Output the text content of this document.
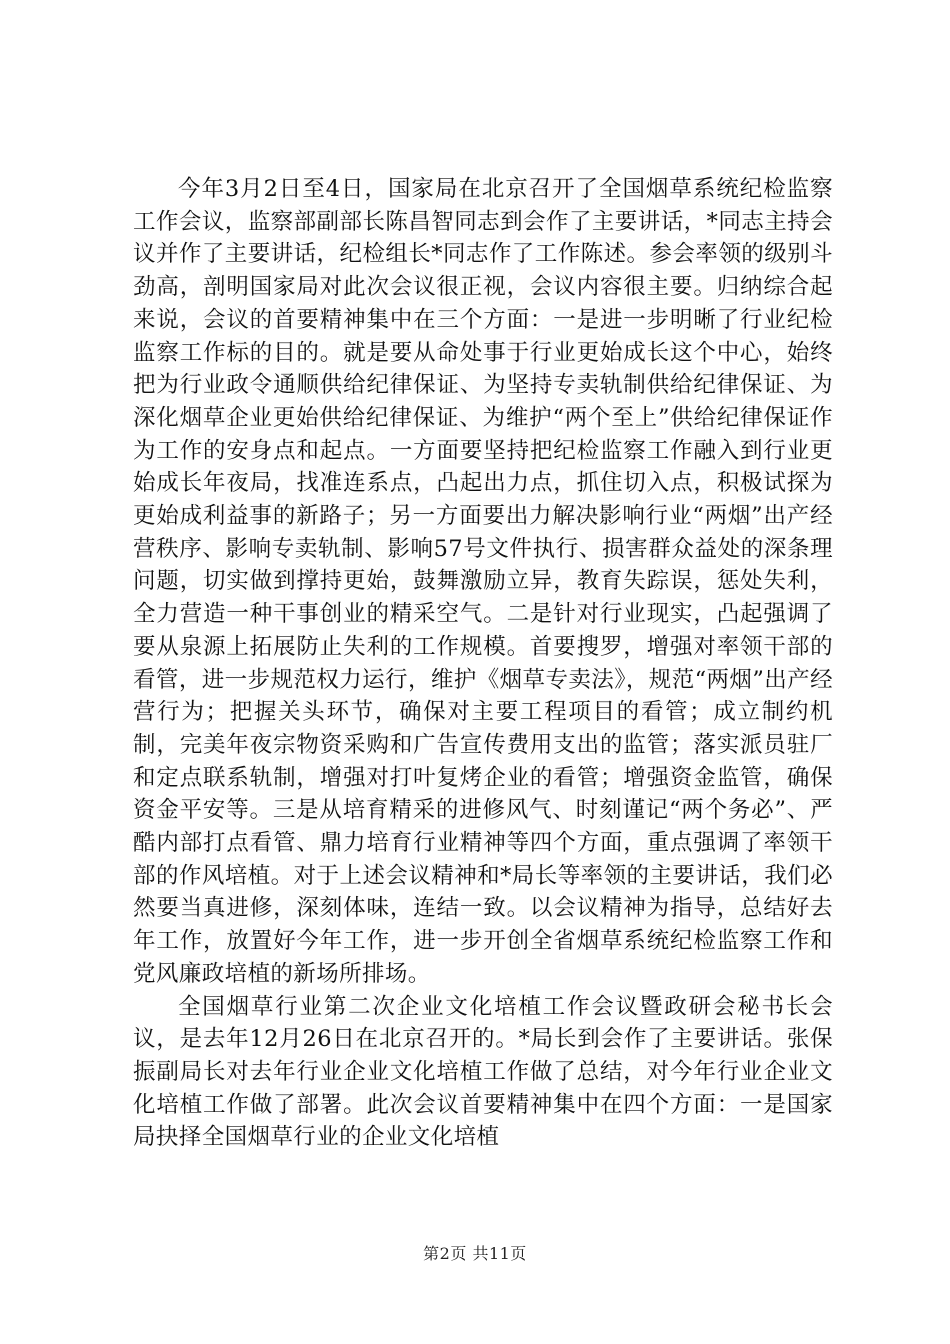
今年3月2日至4日，国家局在北京召开了全国烟草系统纪检监察工作会议，监察部副部长陈昌智同志到会作了主要讲话，*同志主持会议并作了主要讲话，纪检组长*同志作了工作陈述。参会率领的级别斗劲高，剖明国家局对此次会议很正视，会议内容很主要。归纳综合起来说，会议的首要精神集中在三个方面：一是进一步明晰了行业纪检监察工作标的目的。就是要从命处事于行业更始成长这个中心，始终把为行业政令通顺供给纪律保证、为坚持专卖轨制供给纪律保证、为深化烟草企业更始供给纪律保证、为维护“两个至上”供给纪律保证作为工作的安身点和起点。一方面要坚持把纪检监察工作融入到行业更始成长年夜局，找准连系点，凸起出力点，抓住切入点，积极试探为更始成利益事的新路子；另一方面要出力解决影响行业“两烟”出产经营秩序、影响专卖轨制、影响57号文件执行、损害群众益处的深条理问题，切实做到撑持更始，鼓舞激励立异，教育失踪误，惩处失利，全力营造一种干事创业的精采空气。二是针对行业现实，凸起强调了要从泉源上拓展防止失利的工作规模。首要搜罗，增强对率领干部的看管，进一步规范权力运行，维护《烟草专卖法》，规范“两烟”出产经营行为；把握关头环节，确保对主要工程项目的看管；成立制约机制，完美年夜宗物资采购和广告宣传费用支出的监管；落实派员驻厂和定点联系轨制，增强对打叶复烤企业的看管；增强资金监管，确保资金平安等。三是从培育精采的进修风气、时刻谨记“两个务必”、严酷内部打点看管、鼎力培育行业精神等四个方面，重点强调了率领干部的作风培植。对于上述会议精神和*局长等率领的主要讲话，我们必然要当真进修，深刻体味，连结一致。以会议精神为指导，总结好去年工作，放置好今年工作，进一步开创全省烟草系统纪检监察工作和党风廉政培植的新场所排场。

全国烟草行业第二次企业文化培植工作会议暨政研会秘书长会议，是去年12月26日在北京召开的。*局长到会作了主要讲话。张保振副局长对去年行业企业文化培植工作做了总结，对今年行业企业文化培植工作做了部署。此次会议首要精神集中在四个方面：一是国家局抉择全国烟草行业的企业文化培植

第2页 共11页
